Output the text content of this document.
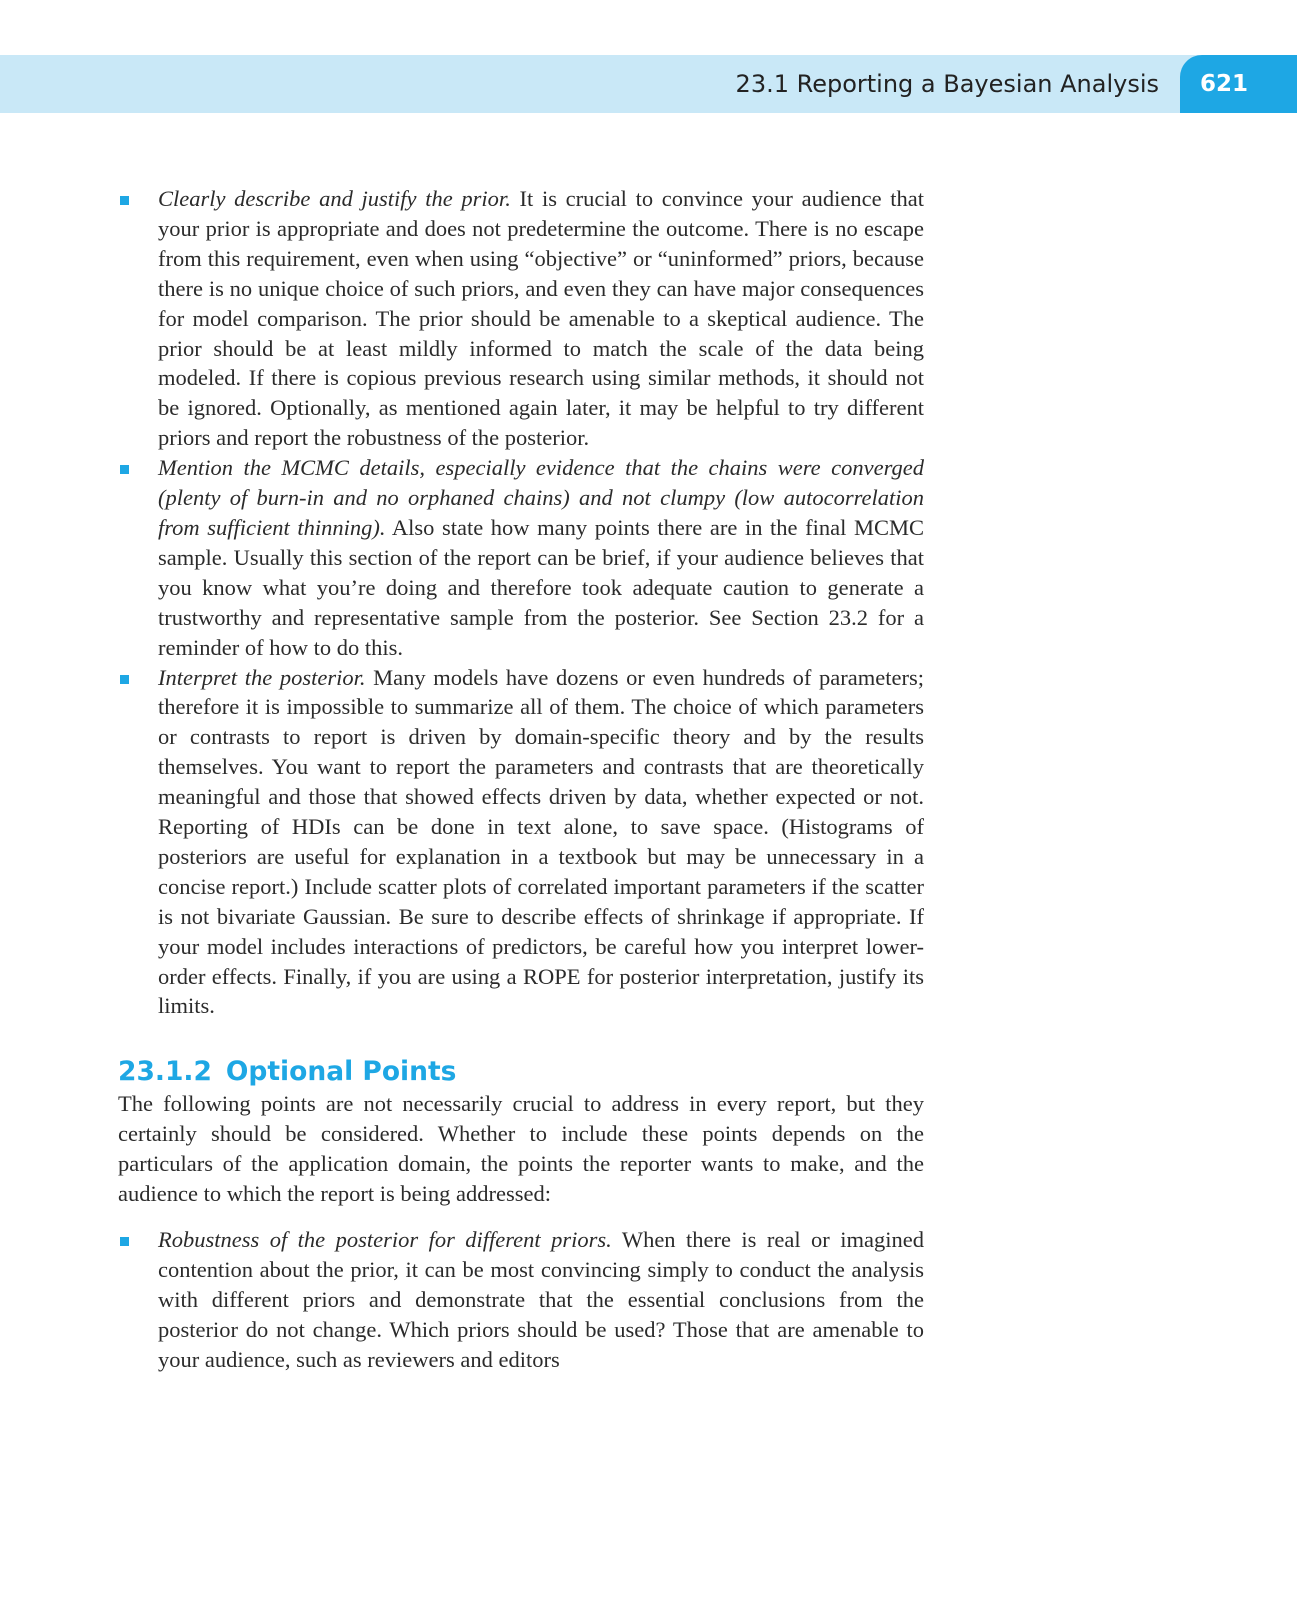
23.1 Reporting a Bayesian Analysis 621
Clearly describe and justify the prior. It is crucial to convince your audience that your prior is appropriate and does not predetermine the outcome. There is no escape from this requirement, even when using “objective” or “uninformed” priors, because there is no unique choice of such priors, and even they can have major consequences for model comparison. The prior should be amenable to a skeptical audience. The prior should be at least mildly informed to match the scale of the data being modeled. If there is copious previous research using similar methods, it should not be ignored. Optionally, as mentioned again later, it may be helpful to try different priors and report the robustness of the posterior.
Mention the MCMC details, especially evidence that the chains were converged (plenty of burn-in and no orphaned chains) and not clumpy (low autocorrelation from sufficient thinning). Also state how many points there are in the final MCMC sample. Usually this section of the report can be brief, if your audience believes that you know what you’re doing and therefore took adequate caution to generate a trustworthy and representative sample from the posterior. See Section 23.2 for a reminder of how to do this.
Interpret the posterior. Many models have dozens or even hundreds of parameters; therefore it is impossible to summarize all of them. The choice of which parameters or contrasts to report is driven by domain-specific theory and by the results themselves. You want to report the parameters and contrasts that are theoretically meaningful and those that showed effects driven by data, whether expected or not. Reporting of HDIs can be done in text alone, to save space. (Histograms of posteriors are useful for explanation in a textbook but may be unnecessary in a concise report.) Include scatter plots of correlated important parameters if the scatter is not bivariate Gaussian. Be sure to describe effects of shrinkage if appropriate. If your model includes interactions of predictors, be careful how you interpret lower-order effects. Finally, if you are using a ROPE for posterior interpretation, justify its limits.
23.1.2 Optional Points

The following points are not necessarily crucial to address in every report, but they certainly should be considered. Whether to include these points depends on the particulars of the application domain, the points the reporter wants to make, and the audience to which the report is being addressed:

Robustness of the posterior for different priors. When there is real or imagined contention about the prior, it can be most convincing simply to conduct the analysis with different priors and demonstrate that the essential conclusions from the posterior do not change. Which priors should be used? Those that are amenable to your audience, such as reviewers and editors
